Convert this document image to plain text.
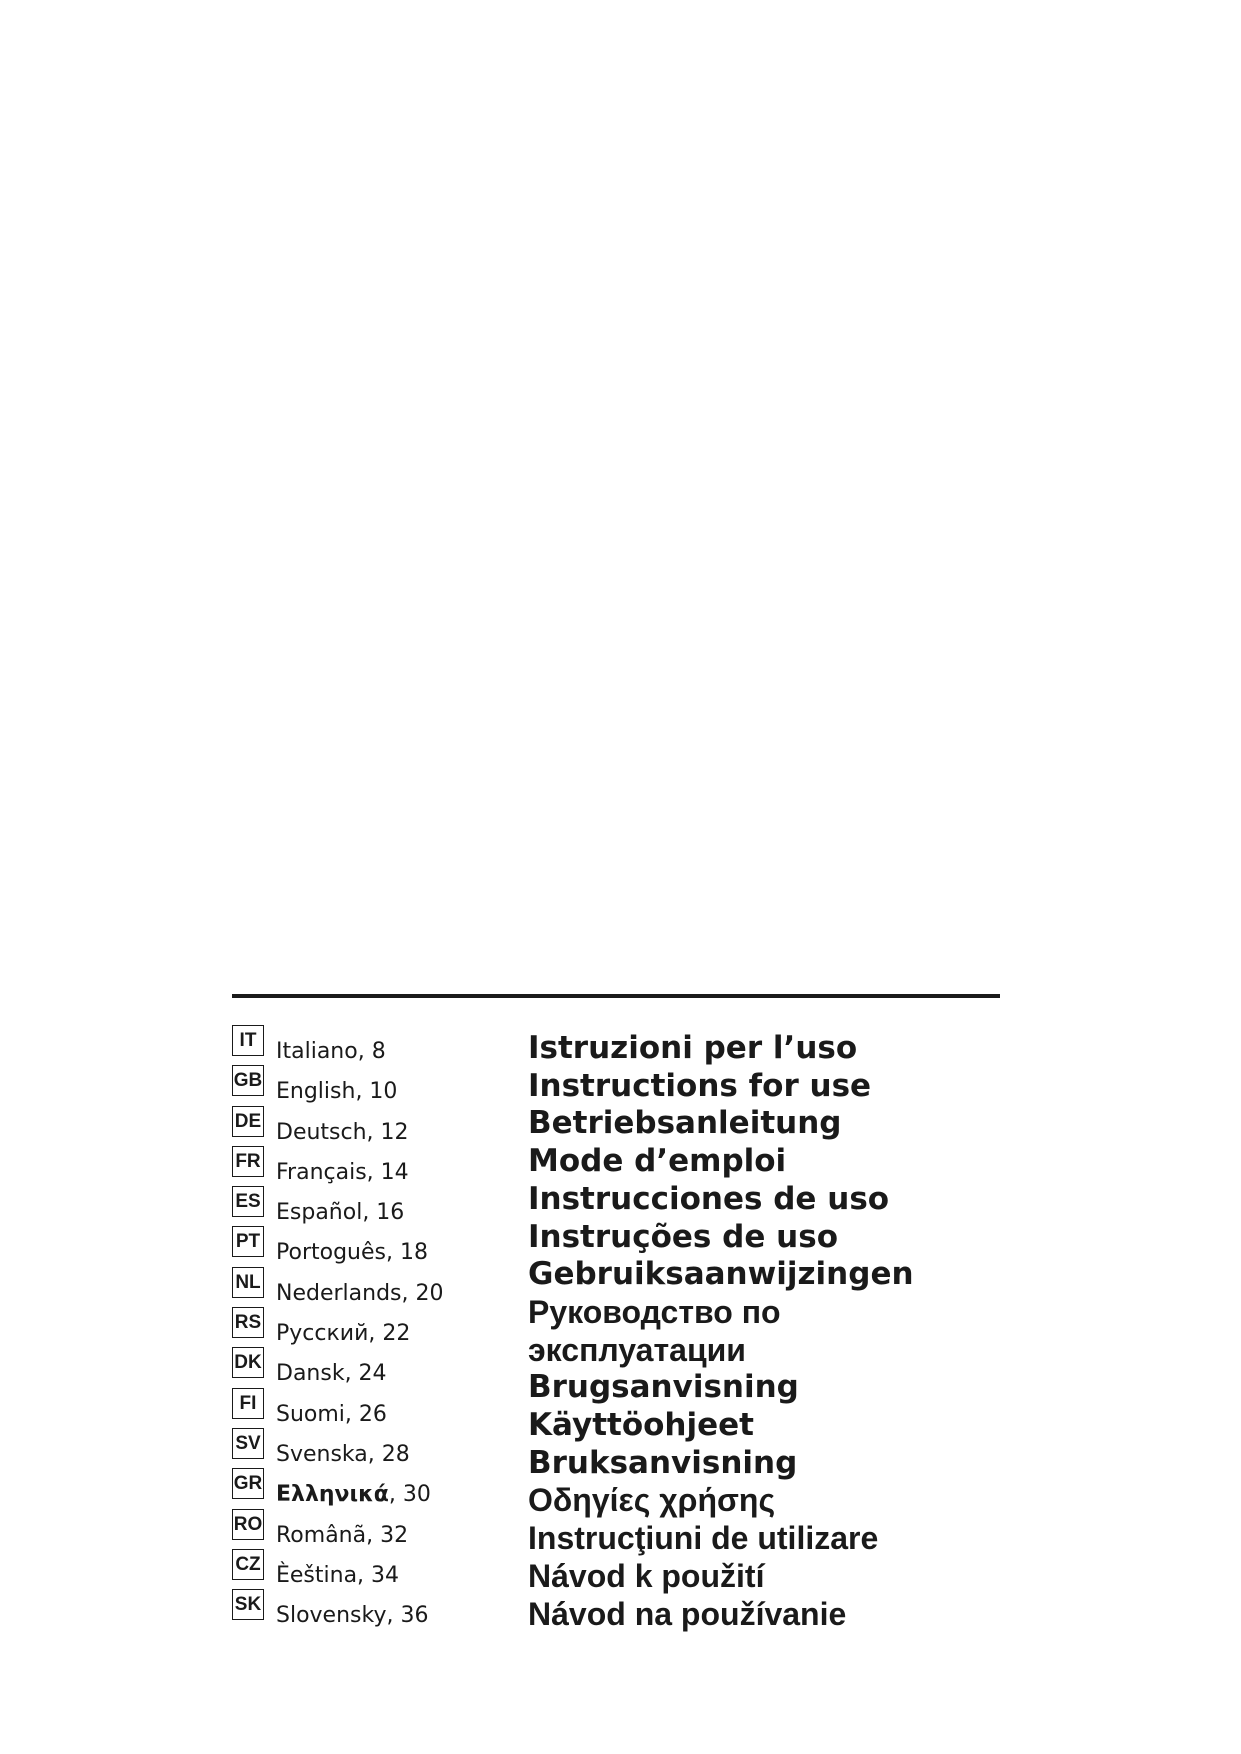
IT Italiano, 8
GB English, 10
DE Deutsch, 12
FR Français, 14
ES Español, 16
PT Portoguês, 18
NL Nederlands, 20
RS Русский, 22
DK Dansk, 24
FI Suomi, 26
SV Svenska, 28
GR Ελληνικά, 30
RO Românã, 32
CZ Èeština, 34
SK Slovensky, 36
Istruzioni per l’uso
Instructions for use
Betriebsanleitung
Mode d’emploi
Instrucciones de uso
Instruções de uso
Gebruiksaanwijzingen
Руководство по
эксплуатации
Brugsanvisning
Käyttöohjeet
Bruksanvisning
Οδηγίες χρήσης
Instrucţiuni de utilizare
Návod k použití
Návod na používanie
